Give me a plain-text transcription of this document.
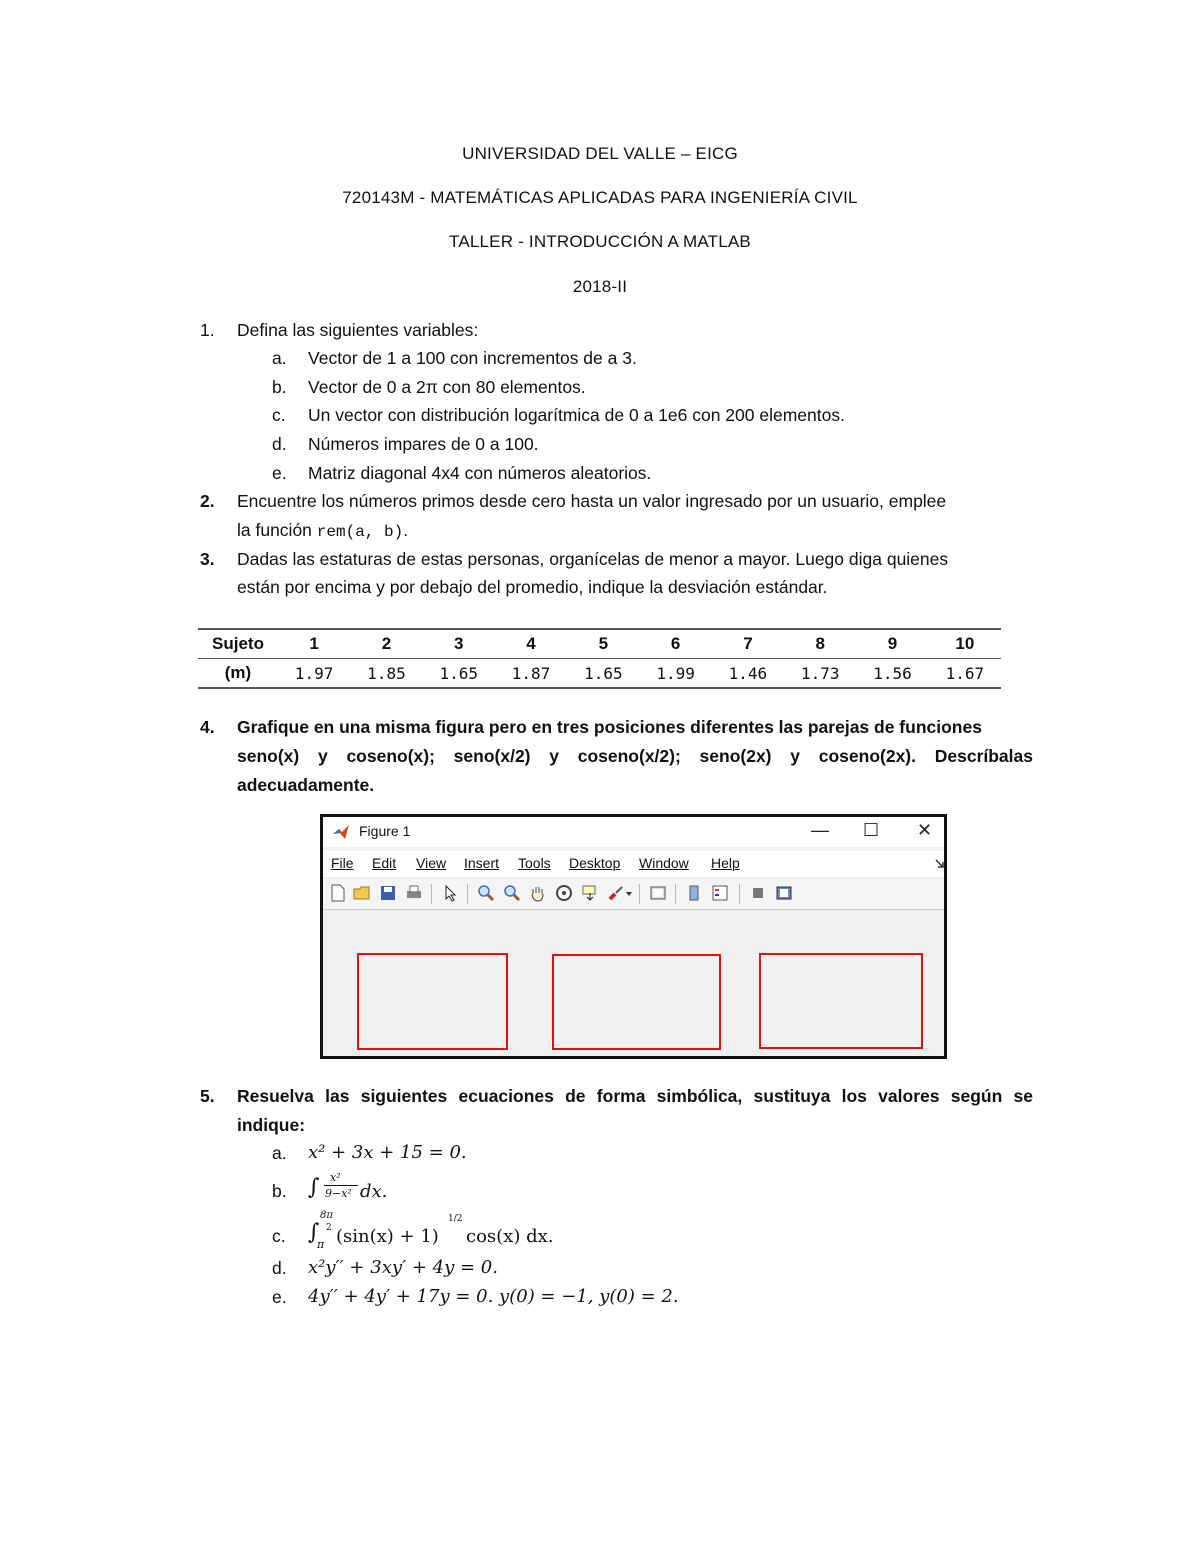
UNIVERSIDAD DEL VALLE – EICG
720143M - MATEMÁTICAS APLICADAS PARA INGENIERÍA CIVIL
TALLER - INTRODUCCIÓN A MATLAB
2018-II
1.	Defina las siguientes variables:
a. Vector de 1 a 100 con incrementos de a 3.
b. Vector de 0 a 2π con 80 elementos.
c. Un vector con distribución logarítmica de 0 a 1e6 con 200 elementos.
d. Números impares de 0 a 100.
e. Matriz diagonal 4x4 con números aleatorios.
2. Encuentre los números primos desde cero hasta un valor ingresado por un usuario, emplee
la función rem(a, b).
3. Dadas las estaturas de estas personas, organícelas de menor a mayor. Luego diga quienes
están por encima y por debajo del promedio, indique la desviación estándar.
Sujeto	1	2	3	4	5	6	7	8	9	10
(m)	1.97	1.85	1.65	1.87	1.65	1.99	1.46	1.73	1.56	1.67
4. Grafique en una misma figura pero en tres posiciones diferentes las parejas de funciones
seno(x) y coseno(x); seno(x/2) y coseno(x/2); seno(2x) y coseno(2x). Descríbalas
adecuadamente.
Figure 1	— ☐ ✕
File Edit View Insert Tools Desktop Window Help
5. Resuelva las siguientes ecuaciones de forma simbólica, sustituya los valores según se
indique:
a. x² + 3x + 15 = 0.
b. ∫ x²
9−x² dx.
c. ∫
8π
2
π (sin(x) + 1)
1/2
cos(x) dx.
d. x²y′′ + 3xy′ + 4y = 0.
e. 4y′′ + 4y′ + 17y = 0. y(0) = −1, y(0) = 2.
